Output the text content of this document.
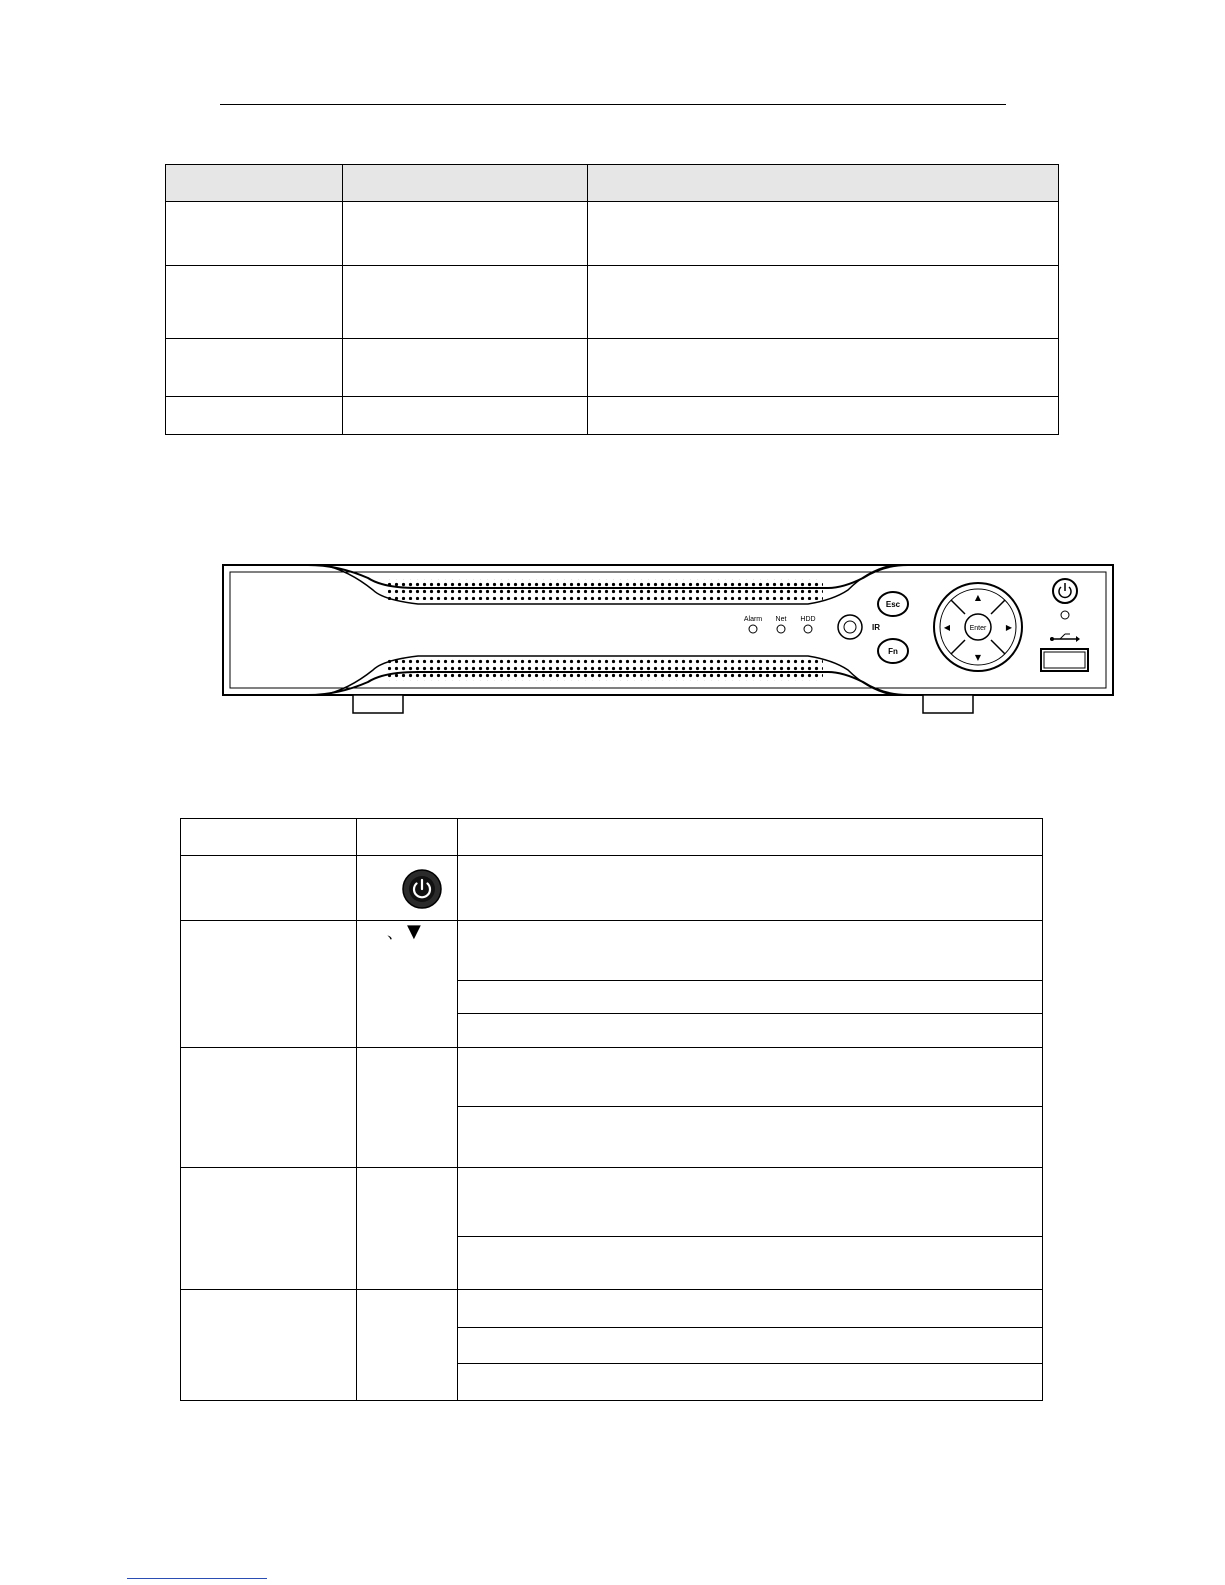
Alarm Net HDD
IR
Esc
Fn
▲
▼
◀	▶
Enter

	、 ▼	
